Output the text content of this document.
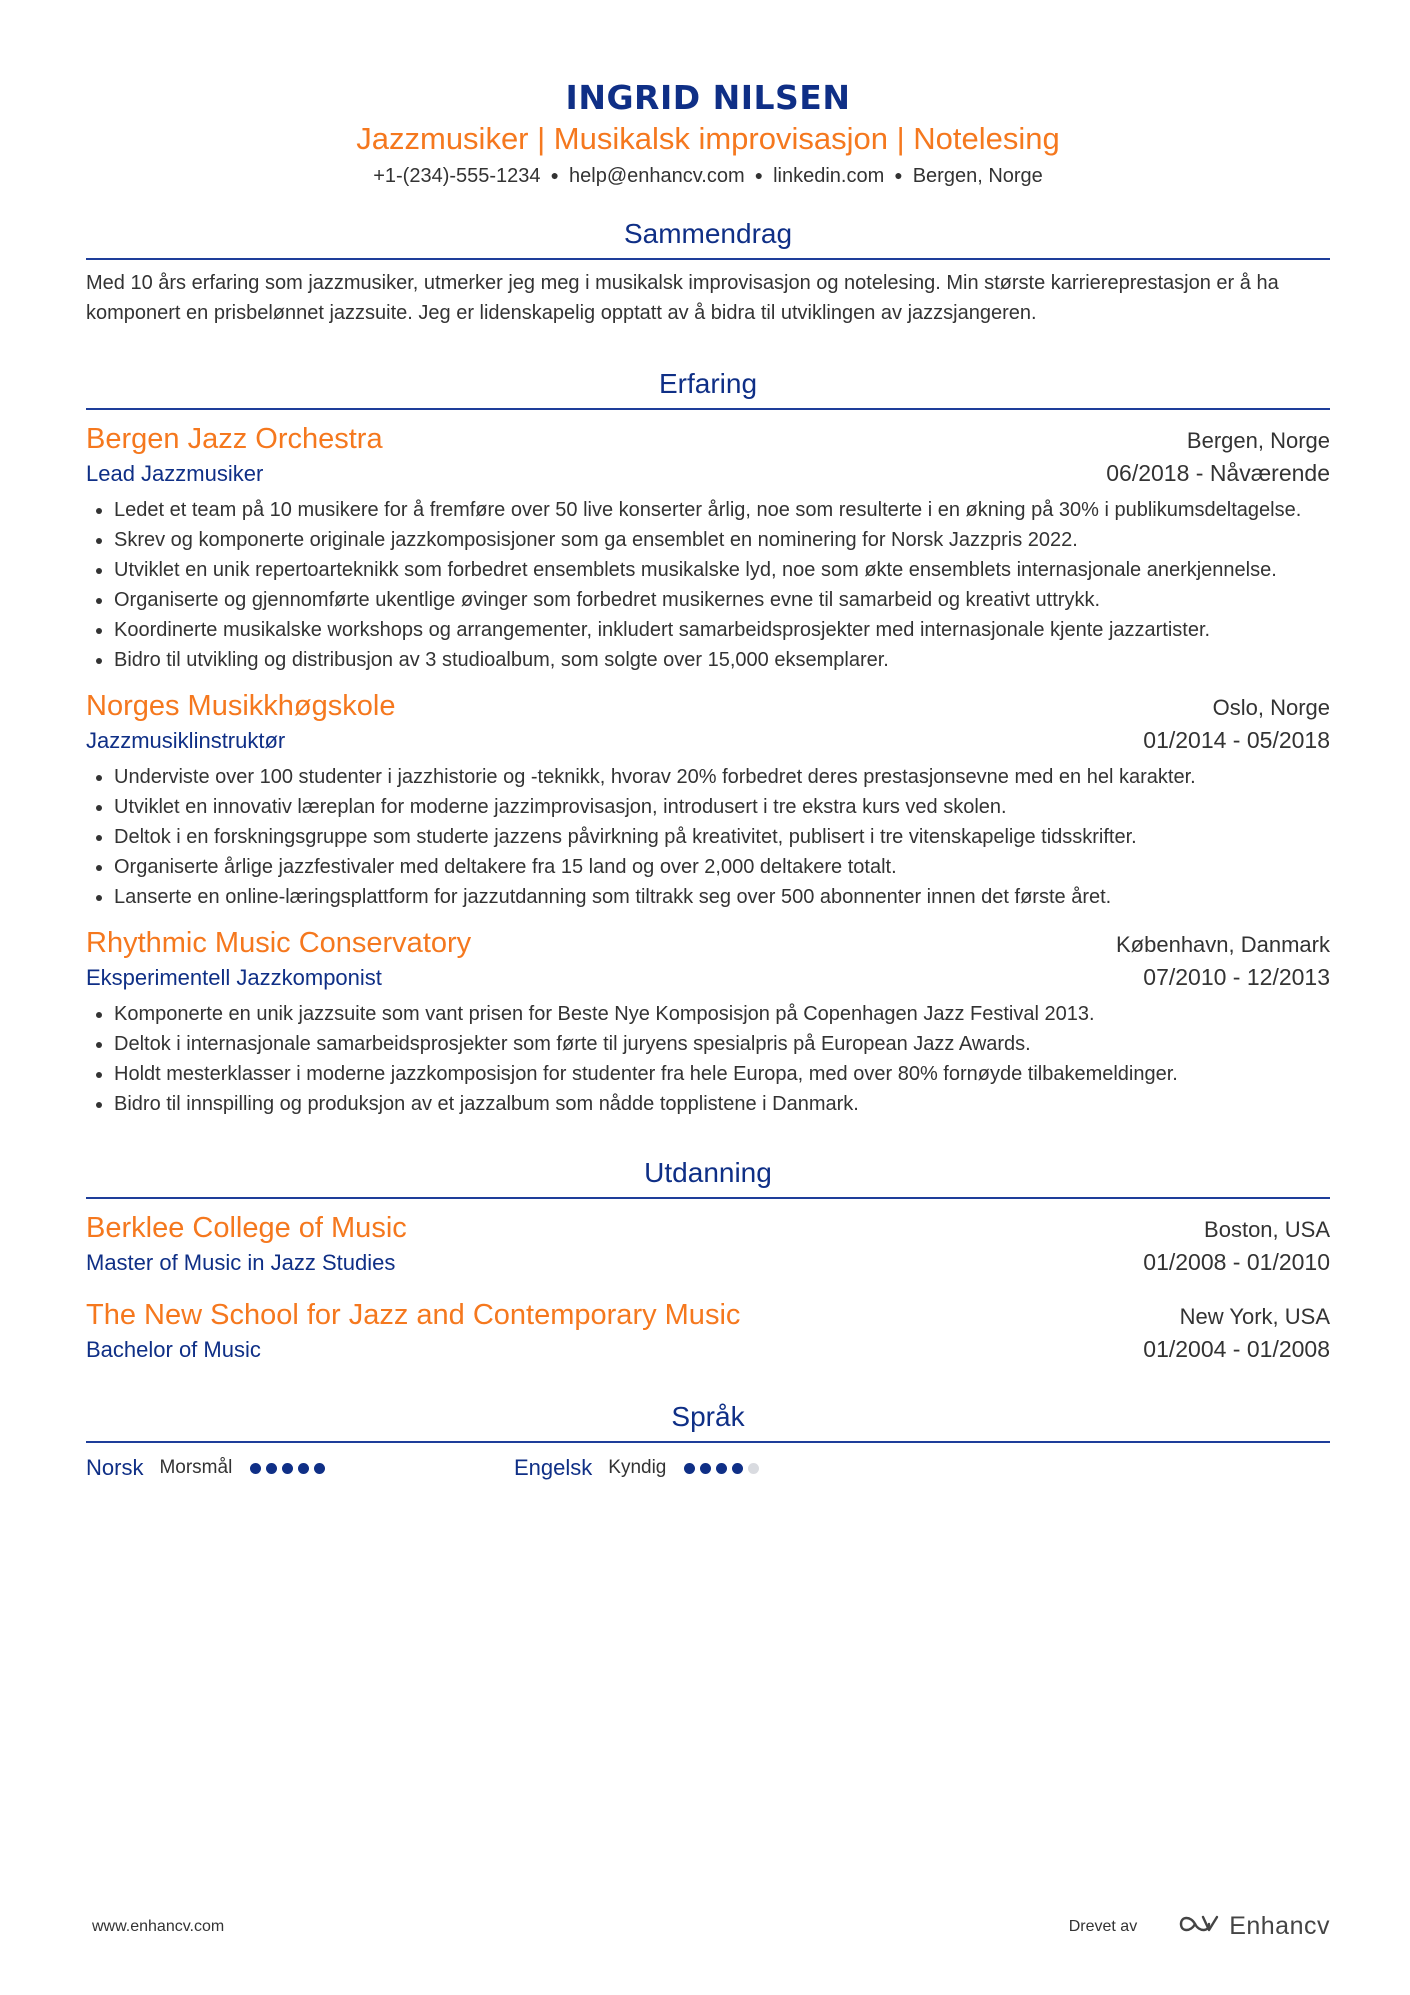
INGRID NILSEN
Jazzmusiker | Musikalsk improvisasjon | Notelesing
+1-(234)-555-1234 ● help@enhancv.com ● linkedin.com ● Bergen, Norge
Sammendrag

Med 10 års erfaring som jazzmusiker, utmerker jeg meg i musikalsk improvisasjon og notelesing. Min største karriereprestasjon er å ha komponert en prisbelønnet jazzsuite. Jeg er lidenskapelig opptatt av å bidra til utviklingen av jazzsjangeren.

Erfaring
Bergen Jazz Orchestra	Bergen, Norge
Lead Jazzmusiker	06/2018 - Nåværende
Ledet et team på 10 musikere for å fremføre over 50 live konserter årlig, noe som resulterte i en økning på 30% i publikumsdeltagelse.
Skrev og komponerte originale jazzkomposisjoner som ga ensemblet en nominering for Norsk Jazzpris 2022.
Utviklet en unik repertoarteknikk som forbedret ensemblets musikalske lyd, noe som økte ensemblets internasjonale anerkjennelse.
Organiserte og gjennomførte ukentlige øvinger som forbedret musikernes evne til samarbeid og kreativt uttrykk.
Koordinerte musikalske workshops og arrangementer, inkludert samarbeidsprosjekter med internasjonale kjente jazzartister.
Bidro til utvikling og distribusjon av 3 studioalbum, som solgte over 15,000 eksemplarer.
Norges Musikkhøgskole	Oslo, Norge
Jazzmusiklinstruktør	01/2014 - 05/2018
Underviste over 100 studenter i jazzhistorie og -teknikk, hvorav 20% forbedret deres prestasjonsevne med en hel karakter.
Utviklet en innovativ læreplan for moderne jazzimprovisasjon, introdusert i tre ekstra kurs ved skolen.
Deltok i en forskningsgruppe som studerte jazzens påvirkning på kreativitet, publisert i tre vitenskapelige tidsskrifter.
Organiserte årlige jazzfestivaler med deltakere fra 15 land og over 2,000 deltakere totalt.
Lanserte en online-læringsplattform for jazzutdanning som tiltrakk seg over 500 abonnenter innen det første året.
Rhythmic Music Conservatory	København, Danmark
Eksperimentell Jazzkomponist	07/2010 - 12/2013
Komponerte en unik jazzsuite som vant prisen for Beste Nye Komposisjon på Copenhagen Jazz Festival 2013.
Deltok i internasjonale samarbeidsprosjekter som førte til juryens spesialpris på European Jazz Awards.
Holdt mesterklasser i moderne jazzkomposisjon for studenter fra hele Europa, med over 80% fornøyde tilbakemeldinger.
Bidro til innspilling og produksjon av et jazzalbum som nådde topplistene i Danmark.
Utdanning
Berklee College of Music	Boston, USA
Master of Music in Jazz Studies	01/2008 - 01/2010
The New School for Jazz and Contemporary Music	New York, USA
Bachelor of Music	01/2004 - 01/2008
Språk
Norsk Morsmål	Engelsk Kyndig
www.enhancv.com	Drevet av	Enhancv
